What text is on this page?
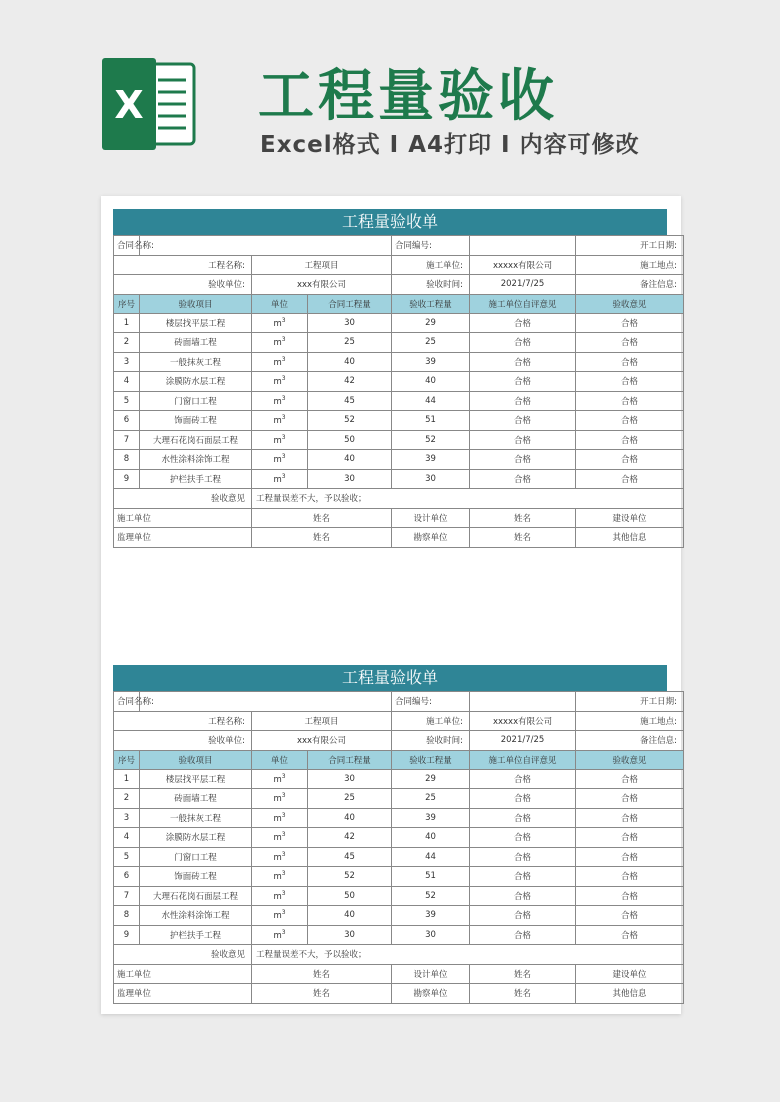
X 工程量验收
Excel格式 I A4打印 I 内容可修改
工程量验收单
合同名称:				合同编号:		开工日期:
工程名称:		工程项目		施工单位:	xxxxx有限公司	施工地点:
验收单位:		xxx有限公司		验收时间:	2021/7/25	备注信息:
序号	验收项目	单位	合同工程量	验收工程量	施工单位自评意见	验收意见
1	楼层找平层工程	$m^3$	30	29	合格	合格
2	砖面墙工程	$m^3$	25	25	合格	合格
3	一般抹灰工程	$m^3$	40	39	合格	合格
4	涂膜防水层工程	$m^3$	42	40	合格	合格
5	门窗口工程	$m^3$	45	44	合格	合格
6	饰面砖工程	$m^3$	52	51	合格	合格
7	大理石花岗石面层工程	$m^3$	50	52	合格	合格
8	水性涂料涂饰工程	$m^3$	40	39	合格	合格
9	护栏扶手工程	$m^3$	30	30	合格	合格
验收意见		工程量误差不大，予以验收；				
施工单位		姓名		设计单位	姓名	建设单位
监理单位		姓名		勘察单位	姓名	其他信息
工程量验收单
合同名称:				合同编号:		开工日期:
工程名称:		工程项目		施工单位:	xxxxx有限公司	施工地点:
验收单位:		xxx有限公司		验收时间:	2021/7/25	备注信息:
序号	验收项目	单位	合同工程量	验收工程量	施工单位自评意见	验收意见
1	楼层找平层工程	$m^3$	30	29	合格	合格
2	砖面墙工程	$m^3$	25	25	合格	合格
3	一般抹灰工程	$m^3$	40	39	合格	合格
4	涂膜防水层工程	$m^3$	42	40	合格	合格
5	门窗口工程	$m^3$	45	44	合格	合格
6	饰面砖工程	$m^3$	52	51	合格	合格
7	大理石花岗石面层工程	$m^3$	50	52	合格	合格
8	水性涂料涂饰工程	$m^3$	40	39	合格	合格
9	护栏扶手工程	$m^3$	30	30	合格	合格
验收意见		工程量误差不大，予以验收；				
施工单位		姓名		设计单位	姓名	建设单位
监理单位		姓名		勘察单位	姓名	其他信息
